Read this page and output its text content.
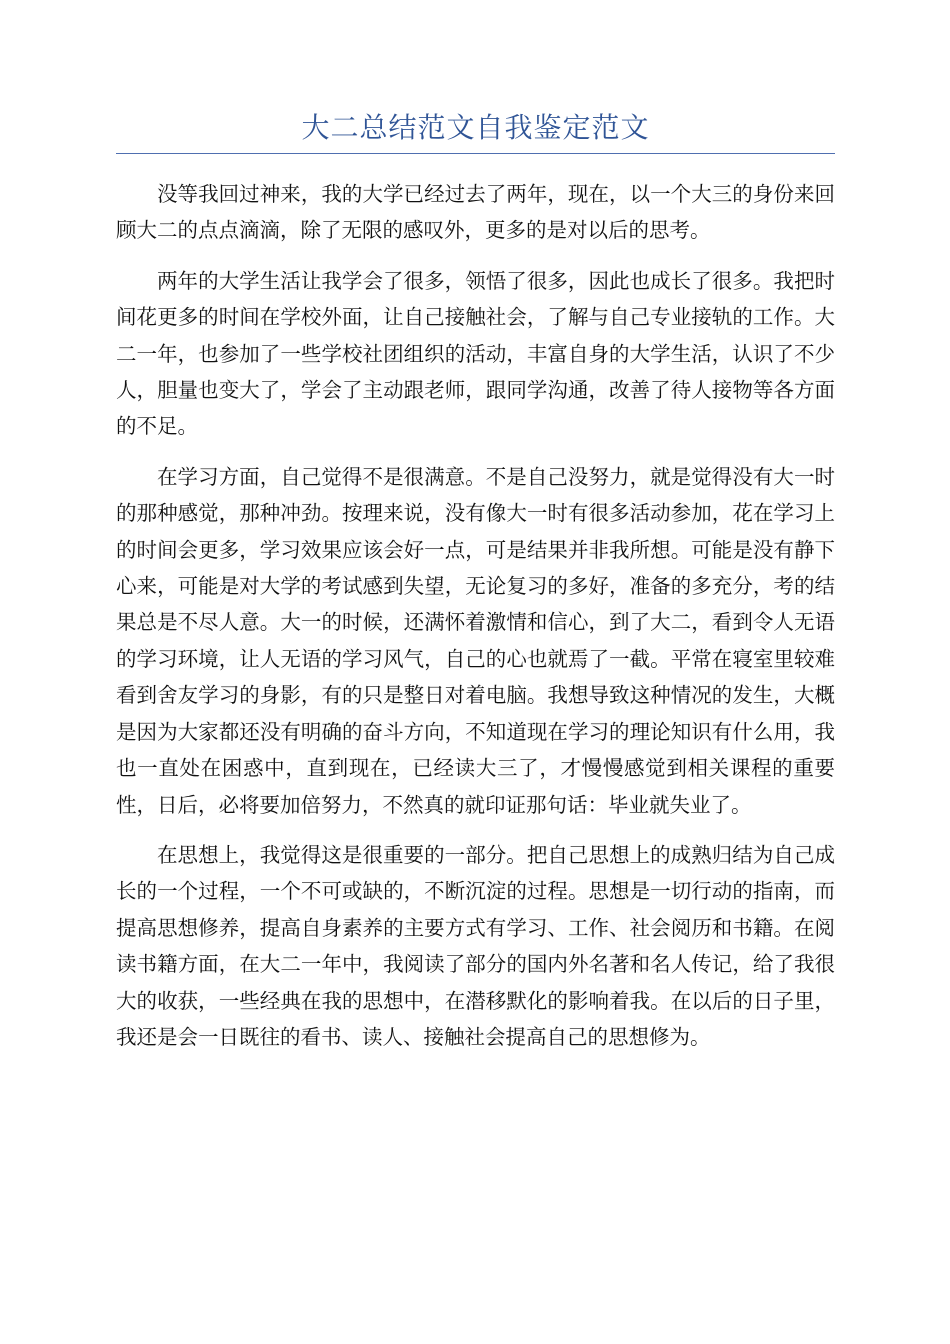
大二总结范文自我鉴定范文

没等我回过神来，我的大学已经过去了两年，现在，以一个大三的身份来回顾大二的点点滴滴，除了无限的感叹外，更多的是对以后的思考。

两年的大学生活让我学会了很多，领悟了很多，因此也成长了很多。我把时间花更多的时间在学校外面，让自己接触社会，了解与自己专业接轨的工作。大二一年，也参加了一些学校社团组织的活动，丰富自身的大学生活，认识了不少人，胆量也变大了，学会了主动跟老师，跟同学沟通，改善了待人接物等各方面的不足。

在学习方面，自己觉得不是很满意。不是自己没努力，就是觉得没有大一时的那种感觉，那种冲劲。按理来说，没有像大一时有很多活动参加，花在学习上的时间会更多，学习效果应该会好一点，可是结果并非我所想。可能是没有静下心来，可能是对大学的考试感到失望，无论复习的多好，准备的多充分，考的结果总是不尽人意。大一的时候，还满怀着激情和信心，到了大二，看到令人无语的学习环境，让人无语的学习风气，自己的心也就焉了一截。平常在寝室里较难看到舍友学习的身影，有的只是整日对着电脑。我想导致这种情况的发生，大概是因为大家都还没有明确的奋斗方向，不知道现在学习的理论知识有什么用，我也一直处在困惑中，直到现在，已经读大三了，才慢慢感觉到相关课程的重要性，日后，必将要加倍努力，不然真的就印证那句话：毕业就失业了。

在思想上，我觉得这是很重要的一部分。把自己思想上的成熟归结为自己成长的一个过程，一个不可或缺的，不断沉淀的过程。思想是一切行动的指南，而提高思想修养，提高自身素养的主要方式有学习、工作、社会阅历和书籍。在阅读书籍方面，在大二一年中，我阅读了部分的国内外名著和名人传记，给了我很大的收获，一些经典在我的思想中，在潜移默化的影响着我。在以后的日子里，我还是会一日既往的看书、读人、接触社会提高自己的思想修为。
